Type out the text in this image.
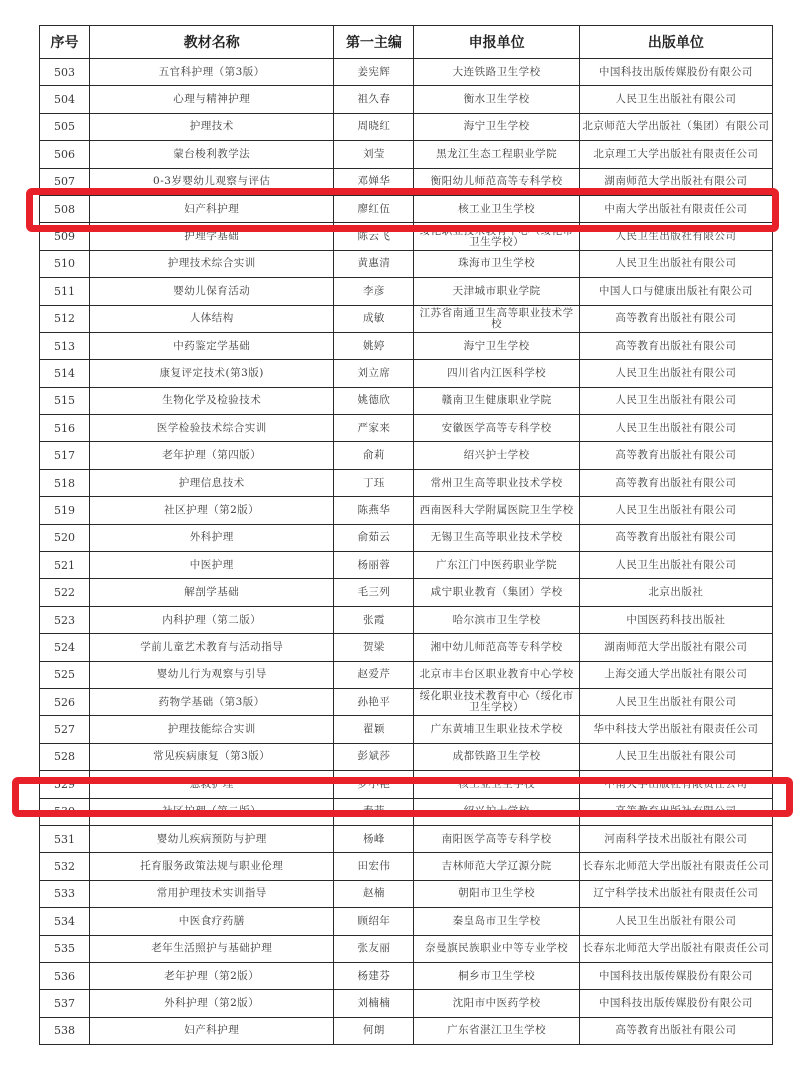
序号	教材名称	第一主编	申报单位	出版单位
503	五官科护理（第3版）	姜宪辉	大连铁路卫生学校	中国科技出版传媒股份有限公司
504	心理与精神护理	祖久春	衡水卫生学校	人民卫生出版社有限公司
505	护理技术	周晓红	海宁卫生学校	北京师范大学出版社（集团）有限公司
506	蒙台梭利教学法	刘莹	黑龙江生态工程职业学院	北京理工大学出版社有限责任公司
507	0-3岁婴幼儿观察与评估	邓婵华	衡阳幼儿师范高等专科学校	湖南师范大学出版社有限公司
508	妇产科护理	廖红伍	核工业卫生学校	中南大学出版社有限责任公司
509	护理学基础	陈云飞	绥化职业技术教育中心（绥化市卫生学校）	人民卫生出版社有限公司
510	护理技术综合实训	黄惠清	珠海市卫生学校	人民卫生出版社有限公司
511	婴幼儿保育活动	李彦	天津城市职业学院	中国人口与健康出版社有限公司
512	人体结构	成敏	江苏省南通卫生高等职业技术学校	高等教育出版社有限公司
513	中药鉴定学基础	姚婷	海宁卫生学校	高等教育出版社有限公司
514	康复评定技术(第3版)	刘立席	四川省内江医科学校	人民卫生出版社有限公司
515	生物化学及检验技术	姚德欣	赣南卫生健康职业学院	人民卫生出版社有限公司
516	医学检验技术综合实训	严家来	安徽医学高等专科学校	人民卫生出版社有限公司
517	老年护理（第四版）	俞莉	绍兴护士学校	高等教育出版社有限公司
518	护理信息技术	丁珏	常州卫生高等职业技术学校	高等教育出版社有限公司
519	社区护理（第2版）	陈燕华	西南医科大学附属医院卫生学校	人民卫生出版社有限公司
520	外科护理	俞茹云	无锡卫生高等职业技术学校	高等教育出版社有限公司
521	中医护理	杨丽蓉	广东江门中医药职业学院	人民卫生出版社有限公司
522	解剖学基础	毛三列	咸宁职业教育（集团）学校	北京出版社
523	内科护理（第二版）	张霞	哈尔滨市卫生学校	中国医药科技出版社
524	学前儿童艺术教育与活动指导	贺梁	湘中幼儿师范高等专科学校	湖南师范大学出版社有限公司
525	婴幼儿行为观察与引导	赵爱芹	北京市丰台区职业教育中心学校	上海交通大学出版社有限公司
526	药物学基础（第3版）	孙艳平	绥化职业技术教育中心（绥化市卫生学校）	人民卫生出版社有限公司
527	护理技能综合实训	翟颖	广东黄埔卫生职业技术学校	华中科技大学出版社有限责任公司
528	常见疾病康复（第3版）	彭斌莎	成都铁路卫生学校	人民卫生出版社有限公司
529	急救护理	罗小艳	核工业卫生学校	中南大学出版社有限责任公司
530	社区护理（第二版）	寿菲	绍兴护士学校	高等教育出版社有限公司
531	婴幼儿疾病预防与护理	杨峰	南阳医学高等专科学校	河南科学技术出版社有限公司
532	托育服务政策法规与职业伦理	田宏伟	吉林师范大学辽源分院	长春东北师范大学出版社有限责任公司
533	常用护理技术实训指导	赵楠	朝阳市卫生学校	辽宁科学技术出版社有限责任公司
534	中医食疗药膳	顾绍年	秦皇岛市卫生学校	人民卫生出版社有限公司
535	老年生活照护与基础护理	张友丽	奈曼旗民族职业中等专业学校	长春东北师范大学出版社有限责任公司
536	老年护理（第2版）	杨建芬	桐乡市卫生学校	中国科技出版传媒股份有限公司
537	外科护理（第2版）	刘楠楠	沈阳市中医药学校	中国科技出版传媒股份有限公司
538	妇产科护理	何朗	广东省湛江卫生学校	高等教育出版社有限公司
